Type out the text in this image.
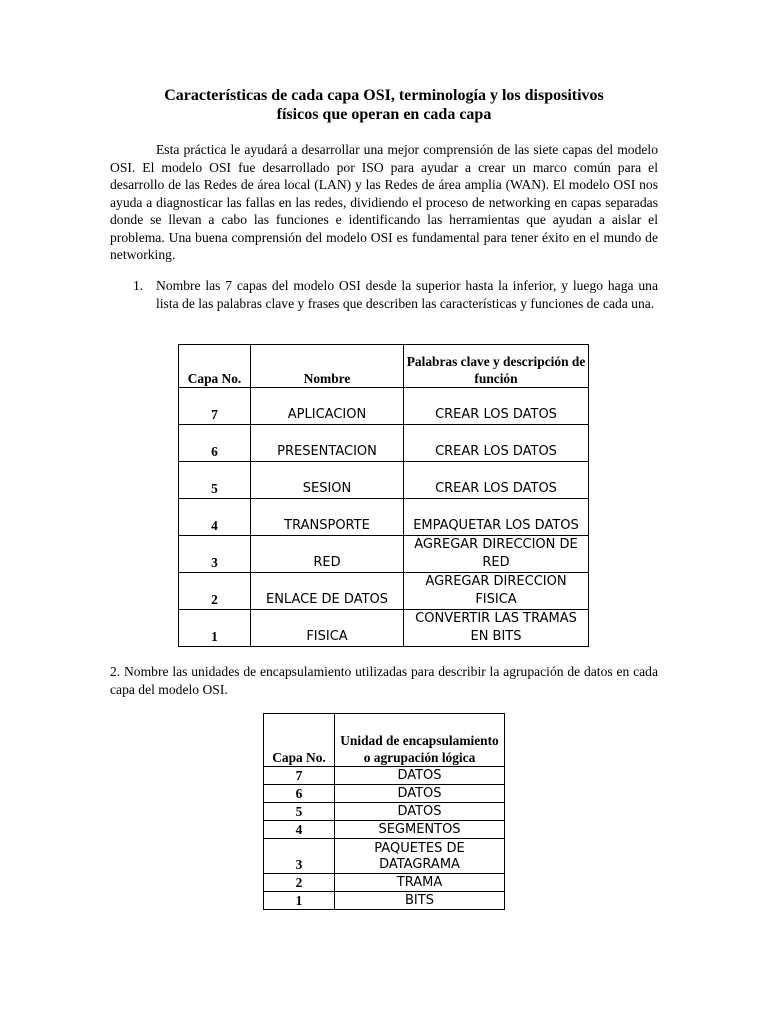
Características de cada capa OSI, terminología y los dispositivos
físicos que operan en cada capa

Esta práctica le ayudará a desarrollar una mejor comprensión de las siete capas del modelo OSI. El modelo OSI fue desarrollado por ISO para ayudar a crear un marco común para el desarrollo de las Redes de área local (LAN) y las Redes de área amplia (WAN). El modelo OSI nos ayuda a diagnosticar las fallas en las redes, dividiendo el proceso de networking en capas separadas donde se llevan a cabo las funciones e identificando las herramientas que ayudan a aislar el problema. Una buena comprensión del modelo OSI es fundamental para tener éxito en el mundo de networking.

1. Nombre las 7 capas del modelo OSI desde la superior hasta la inferior, y luego haga una lista de las palabras clave y frases que describen las características y funciones de cada una.
Capa No.	Nombre	Palabras clave y descripción de función
7	APLICACION	CREAR LOS DATOS
6	PRESENTACION	CREAR LOS DATOS
5	SESION	CREAR LOS DATOS
4	TRANSPORTE	EMPAQUETAR LOS DATOS
3	RED	AGREGAR DIRECCION DE RED
2	ENLACE DE DATOS	AGREGAR DIRECCION FISICA
1	FISICA	CONVERTIR LAS TRAMAS EN BITS

2. Nombre las unidades de encapsulamiento utilizadas para describir la agrupación de datos en cada capa del modelo OSI.

Capa No.	Unidad de encapsulamiento o agrupación lógica
7	DATOS
6	DATOS
5	DATOS
4	SEGMENTOS
3	PAQUETES DE DATAGRAMA
2	TRAMA
1	BITS
